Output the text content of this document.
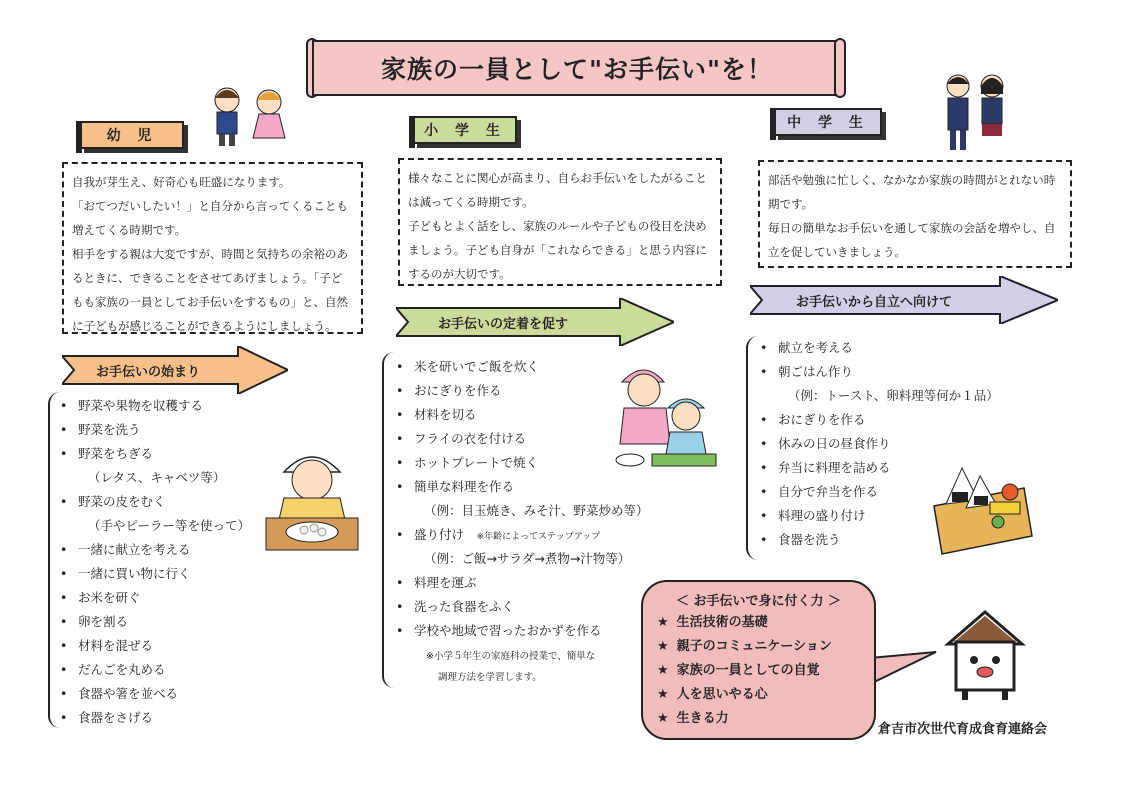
家族の一員として"お手伝い"を！
幼 児
自我が芽生え、好奇心も旺盛になります。
「おてつだいしたい！」と自分から言ってくることも
増えてくる時期です。
相手をする親は大変ですが、時間と気持ちの余裕のあ
るときに、できることをさせてあげましょう。「子ど
もも家族の一員としてお手伝いをするもの」と、自然
に子どもが感じることができるようにしましょう。
お手伝いの始まり
• 野菜や果物を収穫する
• 野菜を洗う
• 野菜をちぎる
（レタス、キャベツ等）
• 野菜の皮をむく
（手やピーラー等を使って）
• 一緒に献立を考える
• 一緒に買い物に行く
• お米を研ぐ
• 卵を割る
• 材料を混ぜる
• だんごを丸める
• 食器や箸を並べる
• 食器をさげる
小 学 生
様々なことに関心が高まり、自らお手伝いをしたがること
は減ってくる時期です。
子どもとよく話をし、家族のルールや子どもの役目を決め
ましょう。子ども自身が「これならできる」と思う内容に
するのが大切です。
お手伝いの定着を促す
• 米を研いでご飯を炊く
• おにぎりを作る
• 材料を切る
• フライの衣を付ける
• ホットプレートで焼く
• 簡単な料理を作る
（例：目玉焼き、みそ汁、野菜炒め等）
• 盛り付け　 ※年齢によってステップアップ
（例：ご飯→サラダ→煮物→汁物等）
• 料理を運ぶ
• 洗った食器をふく
• 学校や地域で習ったおかずを作る
※小学５年生の家庭科の授業で、簡単な
調理方法を学習します。
中 学 生
部活や勉強に忙しく、なかなか家族の時間がとれない時
期です。
毎日の簡単なお手伝いを通して家族の会話を増やし、自
立を促していきましょう。
お手伝いから自立へ向けて
• 献立を考える
• 朝ごはん作り
（例：トースト、卵料理等何か１品）
• おにぎりを作る
• 休みの日の昼食作り
• 弁当に料理を詰める
• 自分で弁当を作る
• 料理の盛り付け
• 食器を洗う
＜ お手伝いで身に付く力 ＞
★ 生活技術の基礎
★ 親子のコミュニケーション
★ 家族の一員としての自覚
★ 人を思いやる心
★ 生きる力
倉吉市次世代育成食育連絡会
